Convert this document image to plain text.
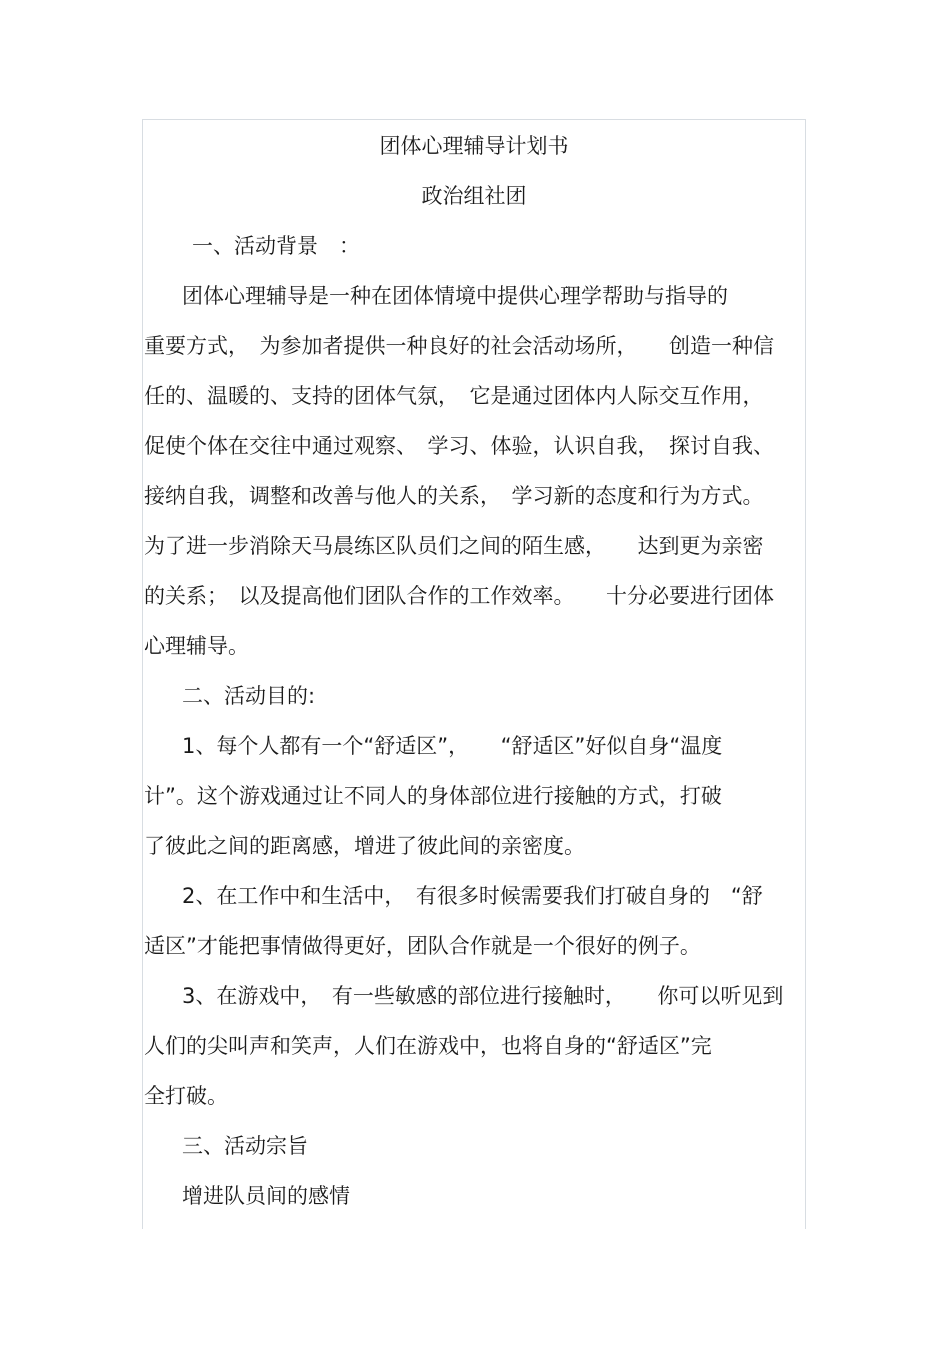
团体心理辅导计划书
政治组社团
一、活动背景　：
团体心理辅导是一种在团体情境中提供心理学帮助与指导的
重要方式，　为参加者提供一种良好的社会活动场所，　　创造一种信
任的、温暖的、支持的团体气氛，　它是通过团体内人际交互作用，
促使个体在交往中通过观察、　学习、体验，认识自我，　探讨自我、
接纳自我，调整和改善与他人的关系，　学习新的态度和行为方式。
为了进一步消除天马晨练区队员们之间的陌生感，　　达到更为亲密
的关系；　以及提高他们团队合作的工作效率。　　十分必要进行团体
心理辅导。
二、活动目的:
1、每个人都有一个“舒适区”，　　“舒适区”好似自身“温度
计”。这个游戏通过让不同人的身体部位进行接触的方式，打破
了彼此之间的距离感，增进了彼此间的亲密度。
2、在工作中和生活中，　有很多时候需要我们打破自身的　“舒
适区”才能把事情做得更好，团队合作就是一个很好的例子。
3、在游戏中，　有一些敏感的部位进行接触时，　　你可以听见到
人们的尖叫声和笑声，人们在游戏中，也将自身的“舒适区”完
全打破。
三、活动宗旨
增进队员间的感情
